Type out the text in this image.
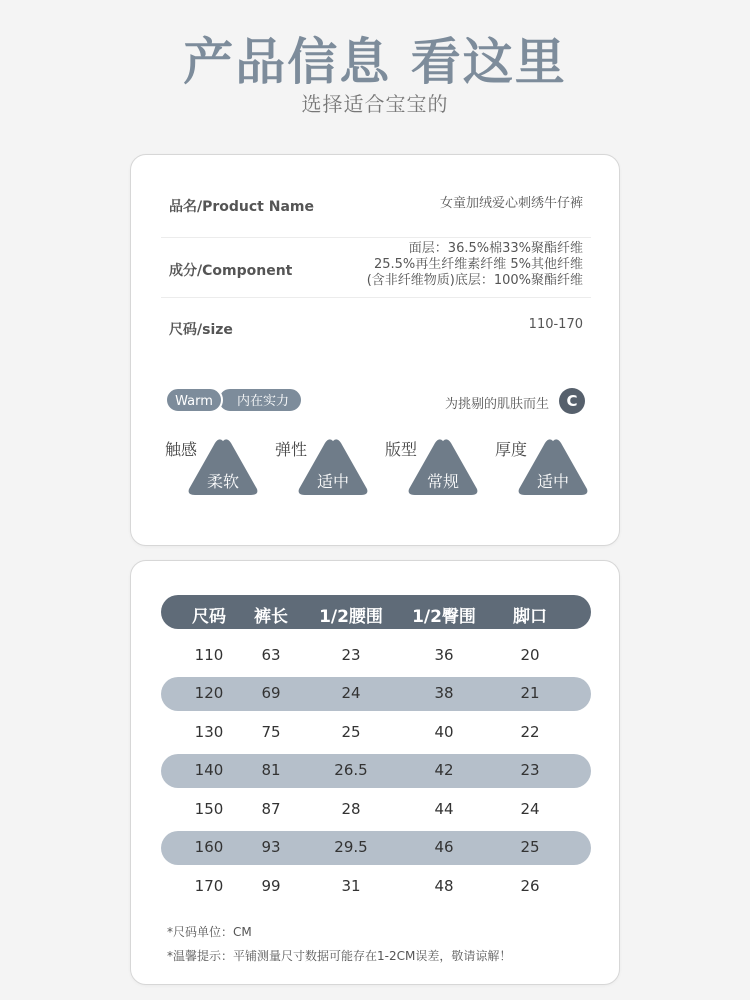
产品信息 看这里
选择适合宝宝的
品名/Product Name	女童加绒爱心刺绣牛仔裤
成分/Component
面层：36.5%棉33%聚酯纤维
25.5%再生纤维素纤维 5%其他纤维
(含非纤维物质)底层：100%聚酯纤维
尺码/size	110-170
内在实力
Warm	为挑剔的肌肤而生	C
触感
柔软
弹性
适中
版型
常规
厚度
适中
尺码	裤长	1/2腰围	1/2臀围	脚口
110	63	23	36	20
120	69	24	38	21
130	75	25	40	22
140	81	26.5	42	23
150	87	28	44	24
160	93	29.5	46	25
170	99	31	48	26
*尺码单位：CM
*温馨提示：平铺测量尺寸数据可能存在1-2CM误差，敬请谅解！
